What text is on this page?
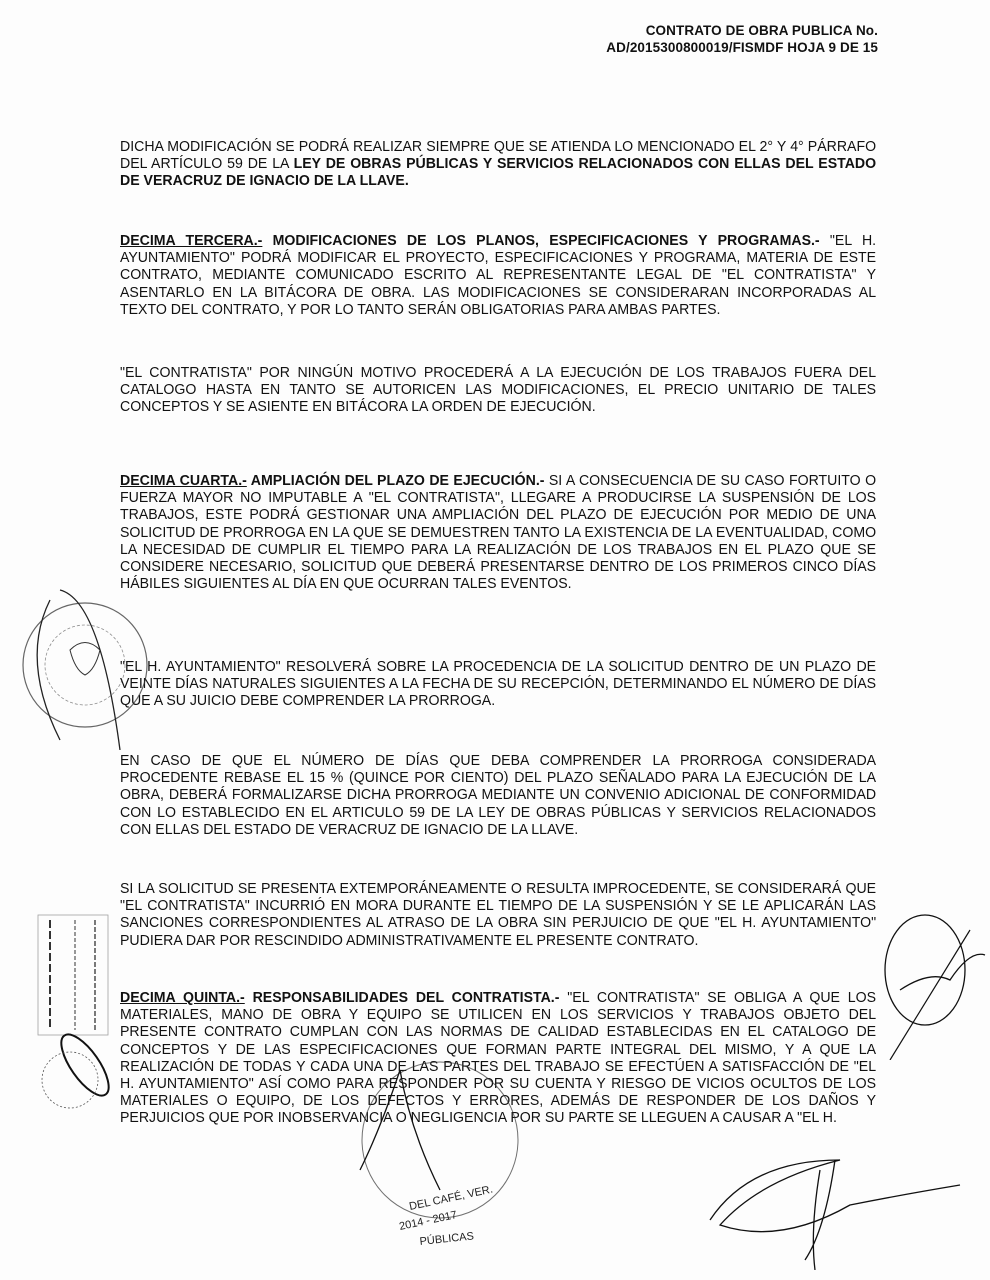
CONTRATO DE OBRA PUBLICA No.
AD/2015300800019/FISMDF HOJA 9 DE 15

DICHA MODIFICACIÓN SE PODRÁ REALIZAR SIEMPRE QUE SE ATIENDA LO MENCIONADO EL 2° Y 4° PÁRRAFO DEL ARTÍCULO 59 DE LA LEY DE OBRAS PÚBLICAS Y SERVICIOS RELACIONADOS CON ELLAS DEL ESTADO DE VERACRUZ DE IGNACIO DE LA LLAVE.

DECIMA TERCERA.- MODIFICACIONES DE LOS PLANOS, ESPECIFICACIONES Y PROGRAMAS.- "EL H. AYUNTAMIENTO" PODRÁ MODIFICAR EL PROYECTO, ESPECIFICACIONES Y PROGRAMA, MATERIA DE ESTE CONTRATO, MEDIANTE COMUNICADO ESCRITO AL REPRESENTANTE LEGAL DE "EL CONTRATISTA" Y ASENTARLO EN LA BITÁCORA DE OBRA. LAS MODIFICACIONES SE CONSIDERARAN INCORPORADAS AL TEXTO DEL CONTRATO, Y POR LO TANTO SERÁN OBLIGATORIAS PARA AMBAS PARTES.

"EL CONTRATISTA" POR NINGÚN MOTIVO PROCEDERÁ A LA EJECUCIÓN DE LOS TRABAJOS FUERA DEL CATALOGO HASTA EN TANTO SE AUTORICEN LAS MODIFICACIONES, EL PRECIO UNITARIO DE TALES CONCEPTOS Y SE ASIENTE EN BITÁCORA LA ORDEN DE EJECUCIÓN.

DECIMA CUARTA.- AMPLIACIÓN DEL PLAZO DE EJECUCIÓN.- SI A CONSECUENCIA DE SU CASO FORTUITO O FUERZA MAYOR NO IMPUTABLE A "EL CONTRATISTA", LLEGARE A PRODUCIRSE LA SUSPENSIÓN DE LOS TRABAJOS, ESTE PODRÁ GESTIONAR UNA AMPLIACIÓN DEL PLAZO DE EJECUCIÓN POR MEDIO DE UNA SOLICITUD DE PRORROGA EN LA QUE SE DEMUESTREN TANTO LA EXISTENCIA DE LA EVENTUALIDAD, COMO LA NECESIDAD DE CUMPLIR EL TIEMPO PARA LA REALIZACIÓN DE LOS TRABAJOS EN EL PLAZO QUE SE CONSIDERE NECESARIO, SOLICITUD QUE DEBERÁ PRESENTARSE DENTRO DE LOS PRIMEROS CINCO DÍAS HÁBILES SIGUIENTES AL DÍA EN QUE OCURRAN TALES EVENTOS.

"EL H. AYUNTAMIENTO" RESOLVERÁ SOBRE LA PROCEDENCIA DE LA SOLICITUD DENTRO DE UN PLAZO DE VEINTE DÍAS NATURALES SIGUIENTES A LA FECHA DE SU RECEPCIÓN, DETERMINANDO EL NÚMERO DE DÍAS QUE A SU JUICIO DEBE COMPRENDER LA PRORROGA.

EN CASO DE QUE EL NÚMERO DE DÍAS QUE DEBA COMPRENDER LA PRORROGA CONSIDERADA PROCEDENTE REBASE EL 15 % (QUINCE POR CIENTO) DEL PLAZO SEÑALADO PARA LA EJECUCIÓN DE LA OBRA, DEBERÁ FORMALIZARSE DICHA PRORROGA MEDIANTE UN CONVENIO ADICIONAL DE CONFORMIDAD CON LO ESTABLECIDO EN EL ARTICULO 59 DE LA LEY DE OBRAS PÚBLICAS Y SERVICIOS RELACIONADOS CON ELLAS DEL ESTADO DE VERACRUZ DE IGNACIO DE LA LLAVE.

SI LA SOLICITUD SE PRESENTA EXTEMPORÁNEAMENTE O RESULTA IMPROCEDENTE, SE CONSIDERARÁ QUE "EL CONTRATISTA" INCURRIÓ EN MORA DURANTE EL TIEMPO DE LA SUSPENSIÓN Y SE LE APLICARÁN LAS SANCIONES CORRESPONDIENTES AL ATRASO DE LA OBRA SIN PERJUICIO DE QUE "EL H. AYUNTAMIENTO" PUDIERA DAR POR RESCINDIDO ADMINISTRATIVAMENTE EL PRESENTE CONTRATO.

DECIMA QUINTA.- RESPONSABILIDADES DEL CONTRATISTA.- "EL CONTRATISTA" SE OBLIGA A QUE LOS MATERIALES, MANO DE OBRA Y EQUIPO SE UTILICEN EN LOS SERVICIOS Y TRABAJOS OBJETO DEL PRESENTE CONTRATO CUMPLAN CON LAS NORMAS DE CALIDAD ESTABLECIDAS EN EL CATALOGO DE CONCEPTOS Y DE LAS ESPECIFICACIONES QUE FORMAN PARTE INTEGRAL DEL MISMO, Y A QUE LA REALIZACIÓN DE TODAS Y CADA UNA DE LAS PARTES DEL TRABAJO SE EFECTÚEN A SATISFACCIÓN DE "EL H. AYUNTAMIENTO" ASÍ COMO PARA RESPONDER POR SU CUENTA Y RIESGO DE VICIOS OCULTOS DE LOS MATERIALES O EQUIPO, DE LOS DEFECTOS Y ERRORES, ADEMÁS DE RESPONDER DE LOS DAÑOS Y PERJUICIOS QUE POR INOBSERVANCIA O NEGLIGENCIA POR SU PARTE SE LLEGUEN A CAUSAR A "EL H.

DEL CAFÉ, VER.
2014 - 2017
PÚBLICAS
